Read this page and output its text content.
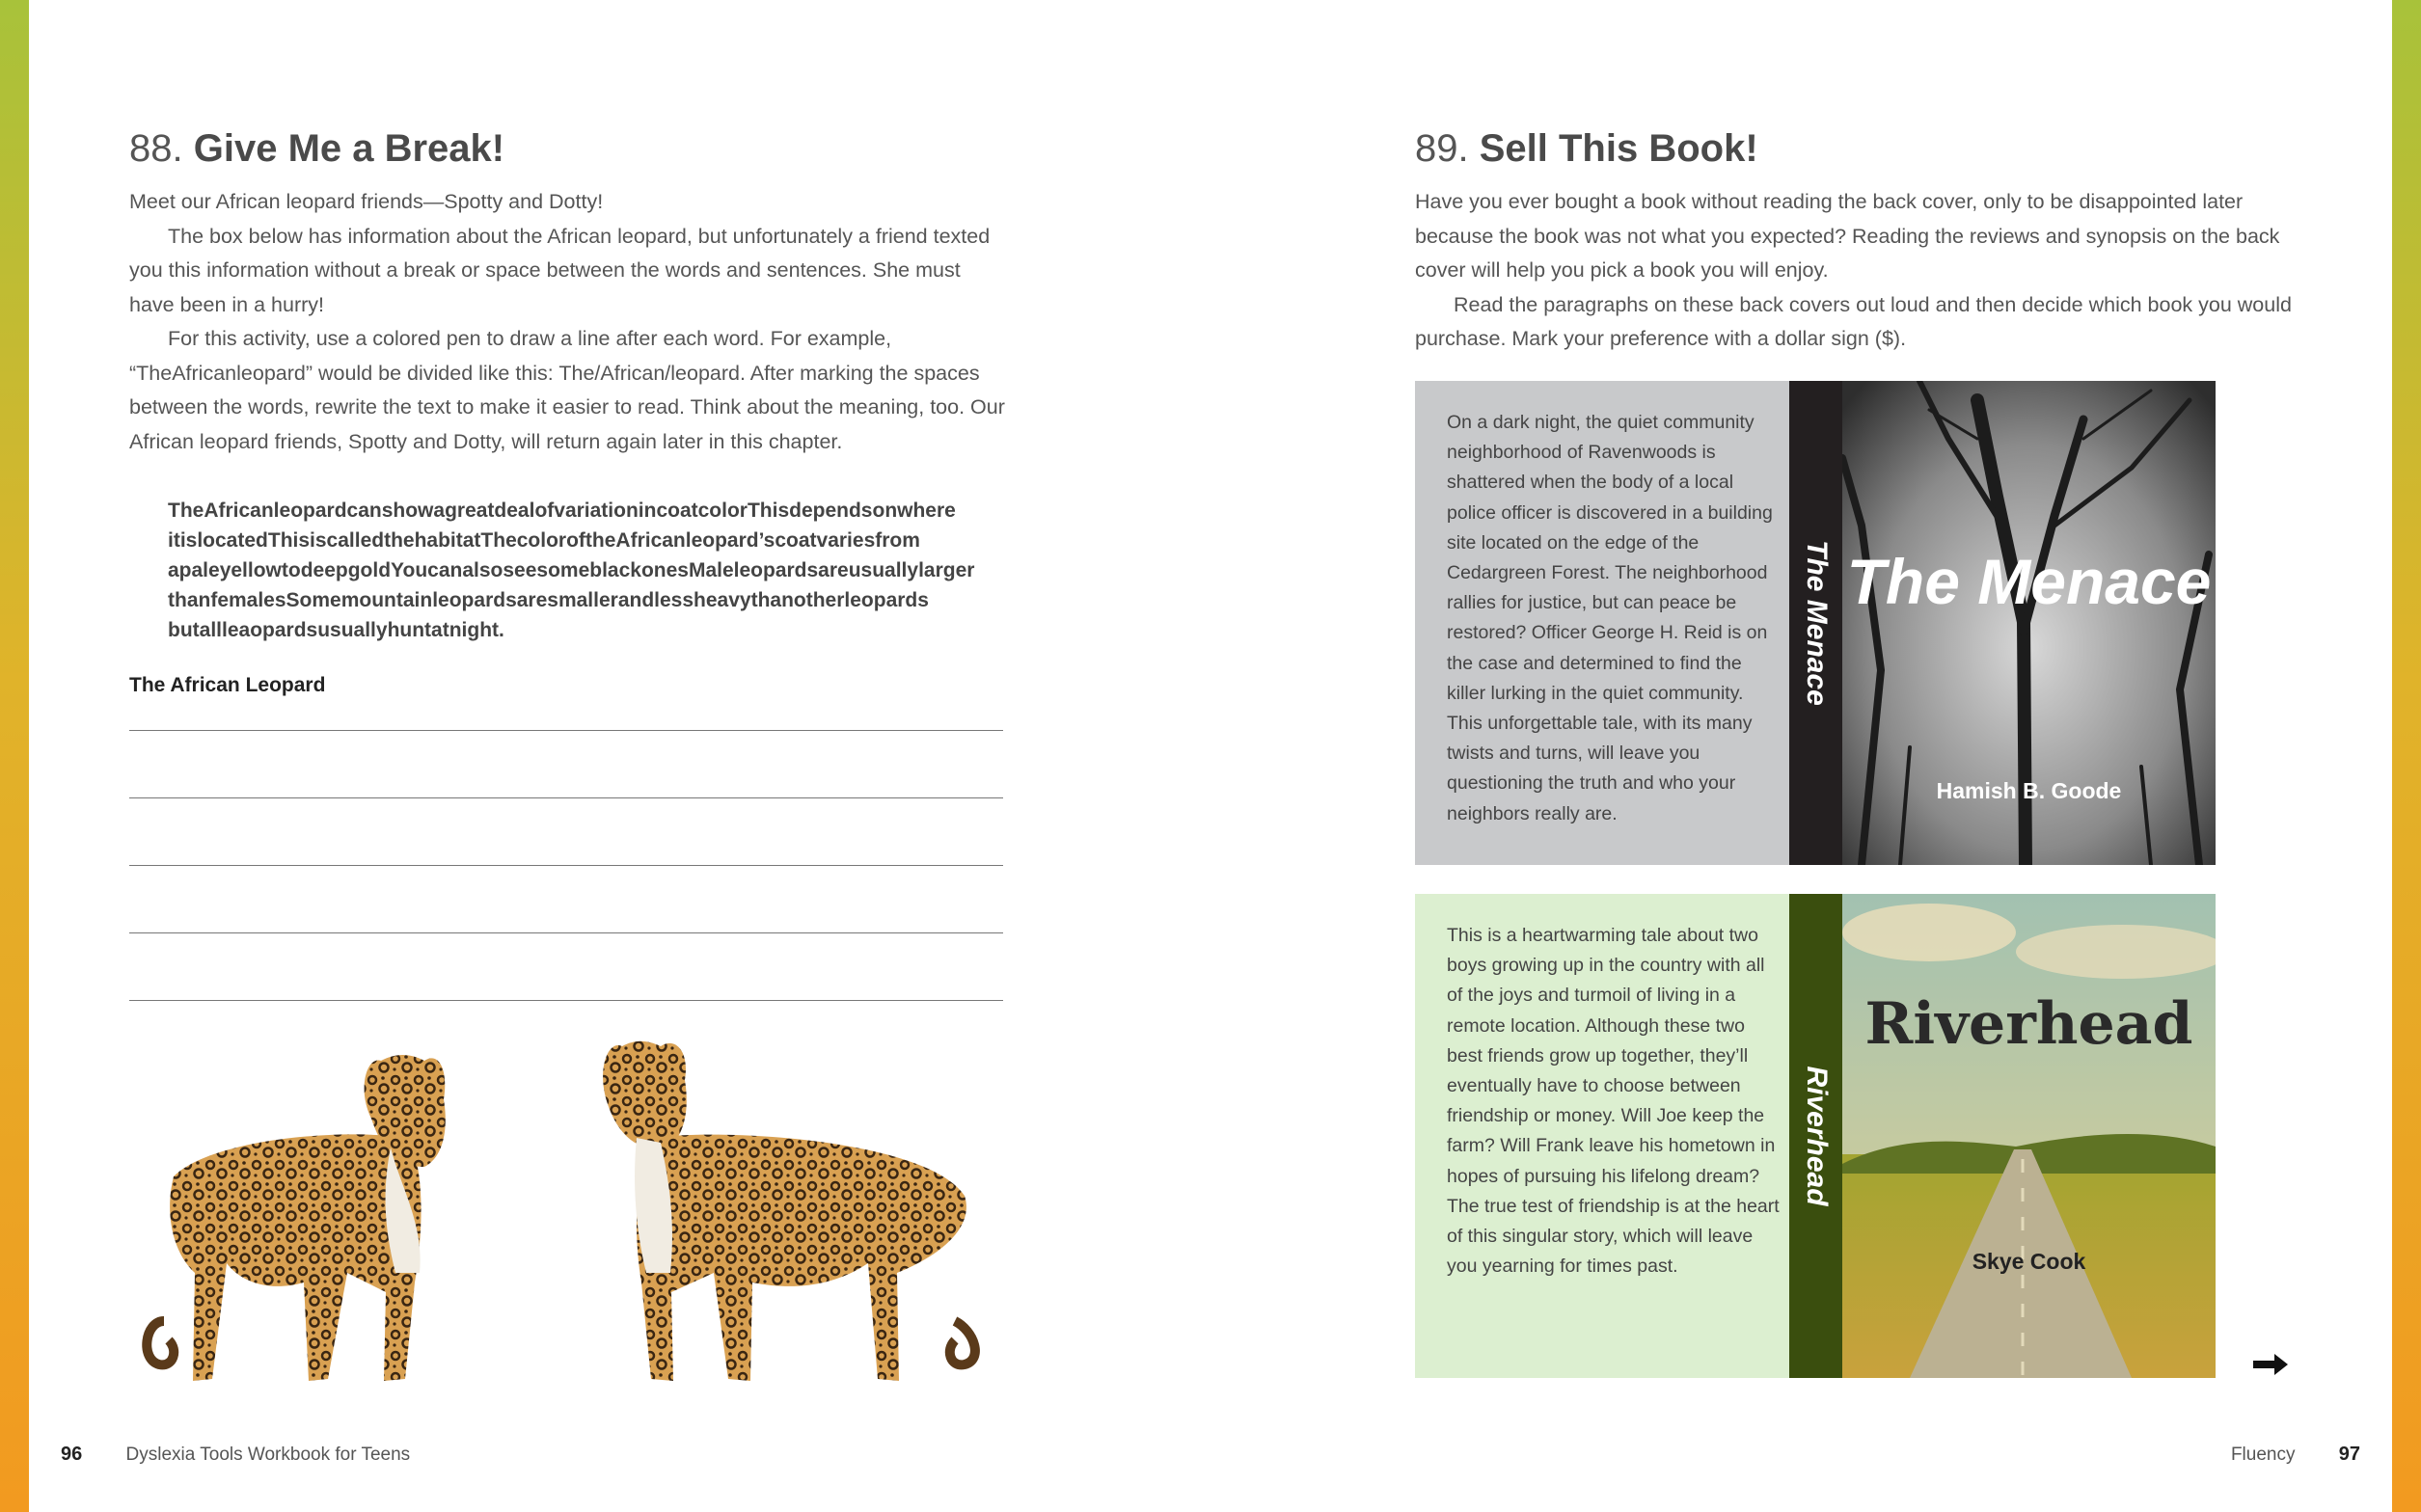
88. Give Me a Break!

Meet our African leopard friends—Spotty and Dotty!

The box below has information about the African leopard, but unfortunately a friend texted you this information without a break or space between the words and sentences. She must have been in a hurry!

For this activity, use a colored pen to draw a line after each word. For example, “TheAfricanleopard” would be divided like this: The/African/leopard. After marking the spaces between the words, rewrite the text to make it easier to read. Think about the meaning, too. Our African leopard friends, Spotty and Dotty, will return again later in this chapter.

TheAfricanleopardcanshowagreatdealofvariationincoatcolorThisdependsonwhere
itislocatedThisiscalledthehabitatThecoloroftheAfricanleopard’scoatvariesfrom
apaleyellowtodeepgoldYoucanalsoseesomeblackonesMaleleopardsareusuallylarger
thanfemalesSomemountainleopardsaresmallerandlessheavythanotherleopards
butallleaopardsusuallyhuntatnight.
The African Leopard
89. Sell This Book!

Have you ever bought a book without reading the back cover, only to be disappointed later because the book was not what you expected? Reading the reviews and synopsis on the back cover will help you pick a book you will enjoy.

Read the paragraphs on these back covers out loud and then decide which book you would purchase. Mark your preference with a dollar sign ($).

On a dark night, the quiet community neighborhood of Ravenwoods is shattered when the body of a local police officer is discovered in a building site located on the edge of the Cedargreen Forest. The neighborhood rallies for justice, but can peace be restored? Officer George H. Reid is on the case and determined to find the killer lurking in the quiet community. This unforgettable tale, with its many twists and turns, will leave you questioning the truth and who your neighbors really are.
The Menace The Menace
Hamish B. Goode
This is a heartwarming tale about two boys growing up in the country with all of the joys and turmoil of living in a remote location. Although these two best friends grow up together, they’ll eventually have to choose between friendship or money. Will Joe keep the farm? Will Frank leave his hometown in hopes of pursuing his lifelong dream? The true test of friendship is at the heart of this singular story, which will leave you yearning for times past.
Riverhead
Riverhead
Skye Cook
96 Dyslexia Tools Workbook for Teens	Fluency 97
